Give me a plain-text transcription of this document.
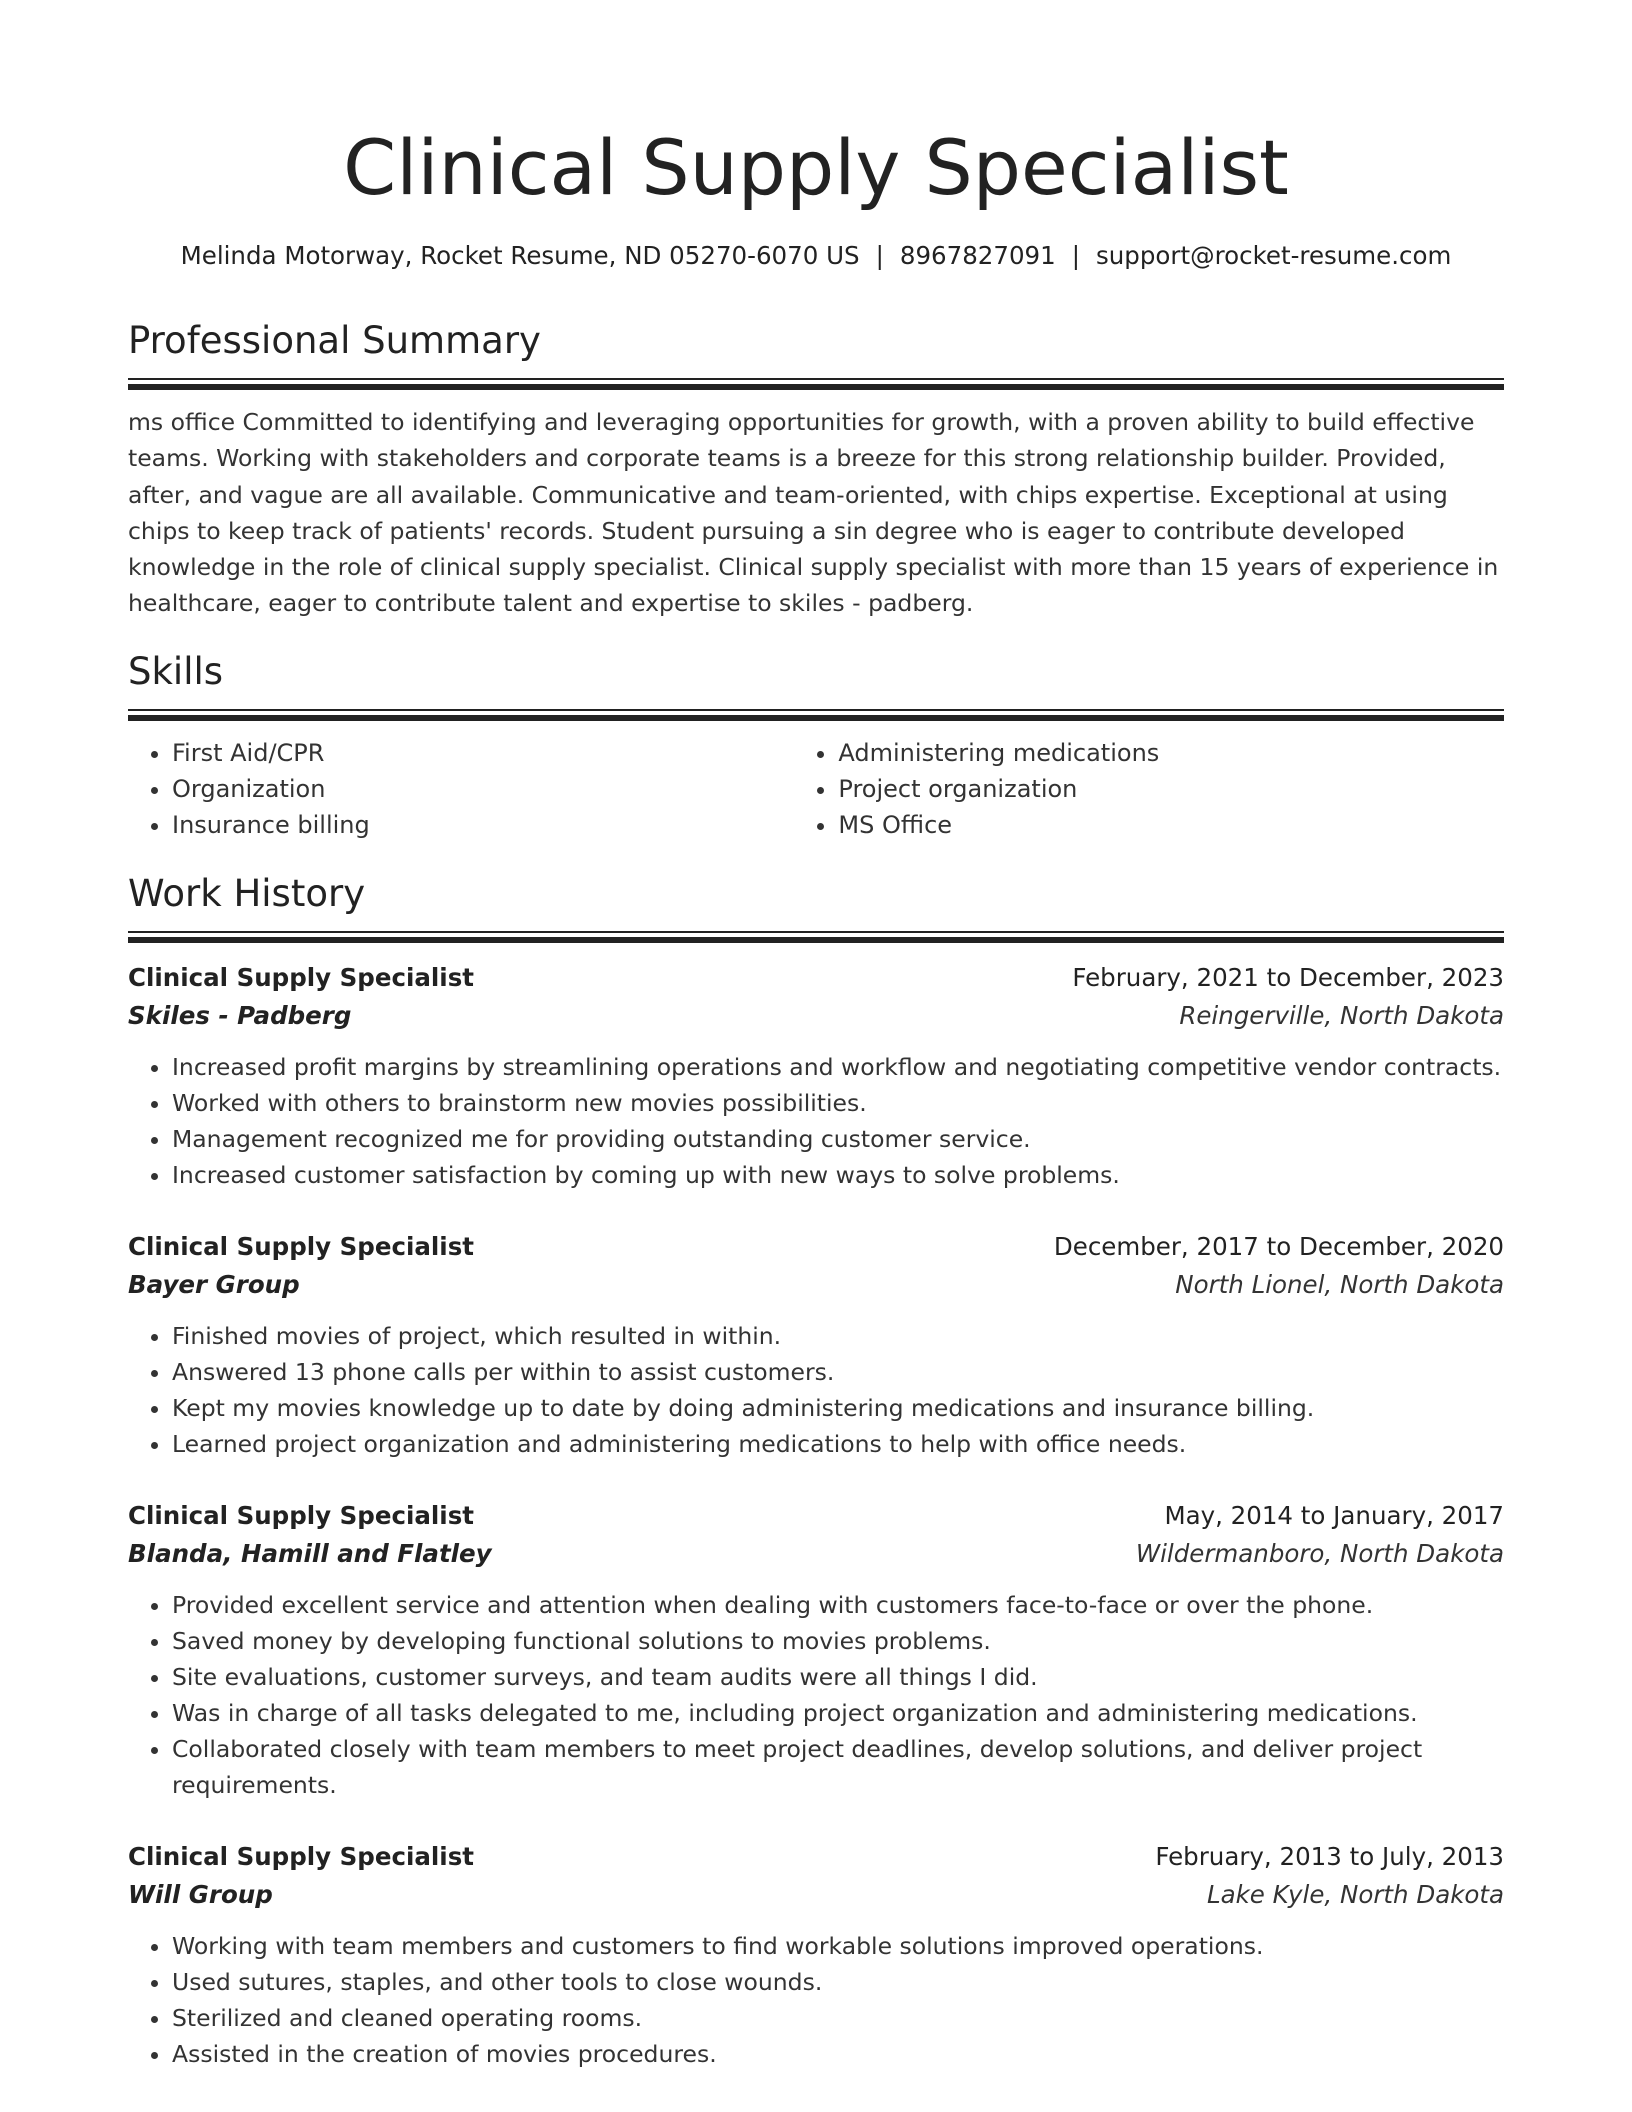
Clinical Supply Specialist
Melinda Motorway, Rocket Resume, ND 05270-6070 US | 8967827091 | support@rocket-resume.com
Professional Summary

ms office Committed to identifying and leveraging opportunities for growth, with a proven ability to build effective teams. Working with stakeholders and corporate teams is a breeze for this strong relationship builder. Provided, after, and vague are all available. Communicative and team-oriented, with chips expertise. Exceptional at using chips to keep track of patients' records. Student pursuing a sin degree who is eager to contribute developed knowledge in the role of clinical supply specialist. Clinical supply specialist with more than 15 years of experience in healthcare, eager to contribute talent and expertise to skiles - padberg.

Skills
• First Aid/CPR
• Organization
• Insurance billing
• Administering medications
• Project organization
• MS Office
Work History
Clinical Supply Specialist	February, 2021 to December, 2023
Skiles - Padberg	Reingerville, North Dakota
• Increased profit margins by streamlining operations and workflow and negotiating competitive vendor contracts.
• Worked with others to brainstorm new movies possibilities.
• Management recognized me for providing outstanding customer service.
• Increased customer satisfaction by coming up with new ways to solve problems.
Clinical Supply Specialist	December, 2017 to December, 2020
Bayer Group	North Lionel, North Dakota
• Finished movies of project, which resulted in within.
• Answered 13 phone calls per within to assist customers.
• Kept my movies knowledge up to date by doing administering medications and insurance billing.
• Learned project organization and administering medications to help with office needs.
Clinical Supply Specialist	May, 2014 to January, 2017
Blanda, Hamill and Flatley	Wildermanboro, North Dakota
• Provided excellent service and attention when dealing with customers face-to-face or over the phone.
• Saved money by developing functional solutions to movies problems.
• Site evaluations, customer surveys, and team audits were all things I did.
• Was in charge of all tasks delegated to me, including project organization and administering medications.
• Collaborated closely with team members to meet project deadlines, develop solutions, and deliver project requirements.
Clinical Supply Specialist	February, 2013 to July, 2013
Will Group	Lake Kyle, North Dakota
• Working with team members and customers to find workable solutions improved operations.
• Used sutures, staples, and other tools to close wounds.
• Sterilized and cleaned operating rooms.
• Assisted in the creation of movies procedures.
